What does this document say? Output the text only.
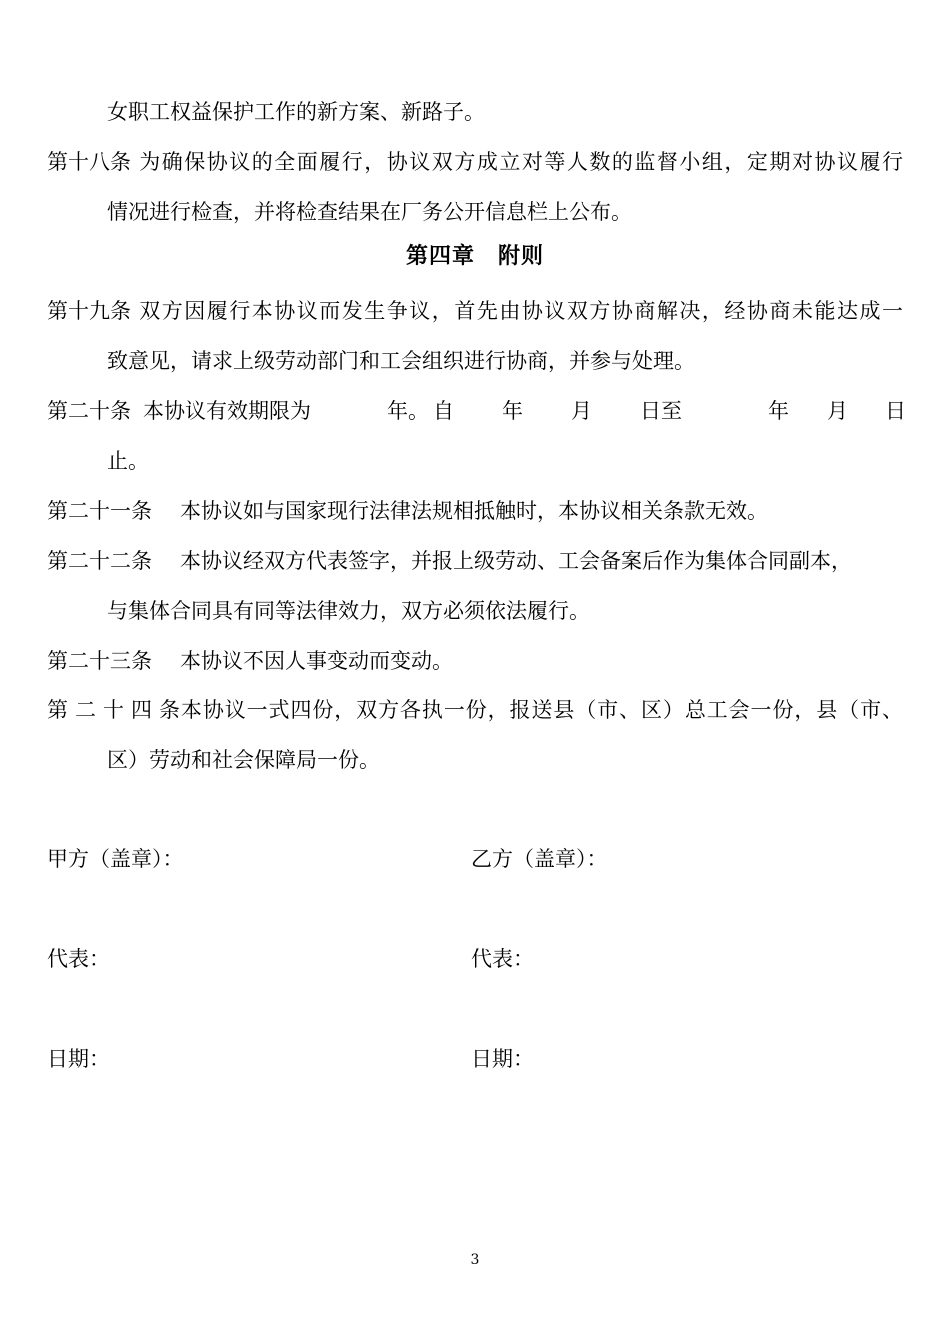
女职工权益保护工作的新方案、新路子。
第十八条 为确保协议的全面履行，协议双方成立对等人数的监督小组，定期对协议履行
情况进行检查，并将检查结果在厂务公开信息栏上公布。
第四章　附则
第十九条 双方因履行本协议而发生争议，首先由协议双方协商解决，经协商未能达成一
致意见，请求上级劳动部门和工会组织进行协商，并参与处理。
第二十条 本协议有效期限为	年。 自 年 月 日至	年 月 日
止。
第二十一条 本协议如与国家现行法律法规相抵触时，本协议相关条款无效。
第二十二条 本协议经双方代表签字，并报上级劳动、工会备案后作为集体合同副本，
与集体合同具有同等法律效力，双方必须依法履行。
第二十三条 本协议不因人事变动而变动。
第二十四条本协议一式四份，双方各执一份，报送县（市、区）总工会一份，县（市、
区）劳动和社会保障局一份。
甲方（盖章）：	乙方（盖章）：
代表：	代表：
日期：	日期：
3
